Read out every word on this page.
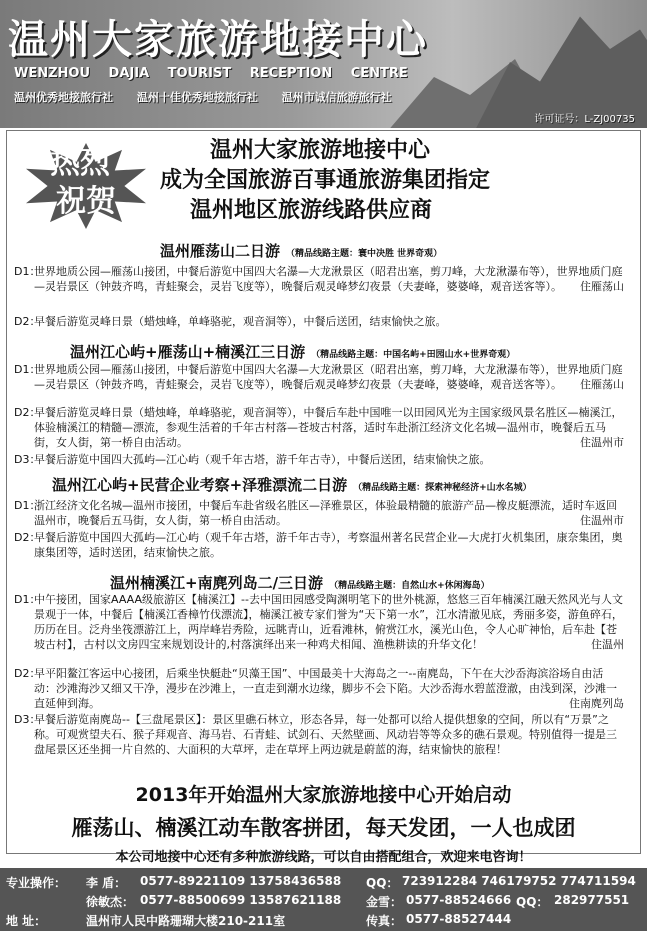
温州大家旅游地接中心
WENZHOU DAJIA TOURIST RECEPTION CENTRE
温州优秀地接旅行社 温州十佳优秀地接旅行社 温州市诚信旅游旅行社
许可证号：L-ZJ00735
热烈
祝贺
温州大家旅游地接中心
成为全国旅游百事通旅游集团指定
温州地区旅游线路供应商
温州雁荡山二日游 （精品线路主题：寰中决胜 世界奇观）
D1：
世界地质公园—雁荡山接团，中餐后游览中国四大名瀑—大龙湫景区（昭君出塞，剪刀峰，大龙湫瀑布等），世界地质门庭—灵岩景区（钟鼓齐鸣，青蛙聚会，灵岩飞度等），晚餐后观灵峰梦幻夜景（夫妻峰，婆婆峰，观音送客等）。 住雁荡山
D2：
早餐后游览灵峰日景（蜡烛峰，单峰骆驼，观音洞等），中餐后送团，结束愉快之旅。
温州江心屿+雁荡山+楠溪江三日游 （精品线路主题：中国名屿+田园山水+世界奇观）
D1：
世界地质公园—雁荡山接团，中餐后游览中国四大名瀑—大龙湫景区（昭君出塞，剪刀峰，大龙湫瀑布等），世界地质门庭—灵岩景区（钟鼓齐鸣，青蛙聚会，灵岩飞度等），晚餐后观灵峰梦幻夜景（夫妻峰，婆婆峰，观音送客等）。 住雁荡山
D2：
早餐后游览灵峰日景（蜡烛峰，单峰骆驼，观音洞等），中餐后车赴中国唯一以田园风光为主国家级风景名胜区—楠溪江，体验楠溪江的精髓—漂流，参观生活着的千年古村落—苍坡古村落，适时车赴浙江经济文化名城—温州市，晚餐后五马街，女人街，第一桥自由活动。	住温州市
D3：
早餐后游览中国四大孤屿—江心屿（观千年古塔，游千年古寺），中餐后送团，结束愉快之旅。
温州江心屿+民营企业考察+泽雅漂流二日游 （精品线路主题：探索神秘经济+山水名城）
D1：
浙江经济文化名城—温州市接团，中餐后车赴省级名胜区—泽雅景区，体验最精髓的旅游产品—橡皮艇漂流，适时车返回温州市，晚餐后五马街，女人街，第一桥自由活动。	住温州市
D2：
早餐后游览中国四大孤屿—江心屿（观千年古塔，游千年古寺），考察温州著名民营企业—大虎打火机集团，康奈集团，奥康集团等，适时送团，结束愉快之旅。
温州楠溪江+南麂列岛二/三日游 （精品线路主题：自然山水+休闲海岛）
D1：
中午接团，国家AAAA级旅游区【楠溪江】--去中国田园感受陶渊明笔下的世外桃源，悠悠三百年楠溪江融天然风光与人文景观于一体，中餐后【楠溪江香樟竹伐漂流】，楠溪江被专家们誉为“天下第一水”，江水清澈见底，秀丽多姿，游鱼碎石，历历在目。泛舟坐筏漂游江上，两岸峰岩秀险，远眺青山，近看滩林，俯赏江水，溪光山色，令人心旷神怡，后车赴【苍坡古村】，古村以文房四宝来规划设计的,村落演绎出来一种鸡犬相闻、渔樵耕读的升华文化！	住温州
D2：
早平阳鳌江客运中心接团，后乘坐快艇赴“贝藻王国”、中国最美十大海岛之一--南麂岛，下午在大沙岙海滨浴场自由活动：沙滩海沙又细又干净，漫步在沙滩上，一直走到潮水边缘，脚步不会下陷。大沙岙海水碧蓝澄澈，由浅到深，沙滩一直延伸到海。	住南麂列岛
D3：
早餐后游览南麂岛--【三盘尾景区】：景区里礁石林立，形态各异，每一处都可以给人提供想象的空间，所以有“万景”之称。可观赏望夫石、猴子拜观音、海马岩、石青蛙、试剑石、天然壁画、风动岩等等众多的礁石景观。特别值得一提是三盘尾景区还坐拥一片自然的、大面积的大草坪，走在草坪上两边就是蔚蓝的海，结束愉快的旅程！
2013年开始温州大家旅游地接中心开始启动
雁荡山、楠溪江动车散客拼团，每天发团，一人也成团
本公司地接中心还有多种旅游线路，可以自由搭配组合，欢迎来电咨询！
专业操作： 李 盾： 0577-89221109 13758436588 QQ： 723912284 746179752 774711594
徐敏杰： 0577-88500699 13587621188 金雪： 0577-88524666 QQ： 282977551
地 址：	温州市人民中路珊瑚大楼210-211室	传真： 0577-88527444
